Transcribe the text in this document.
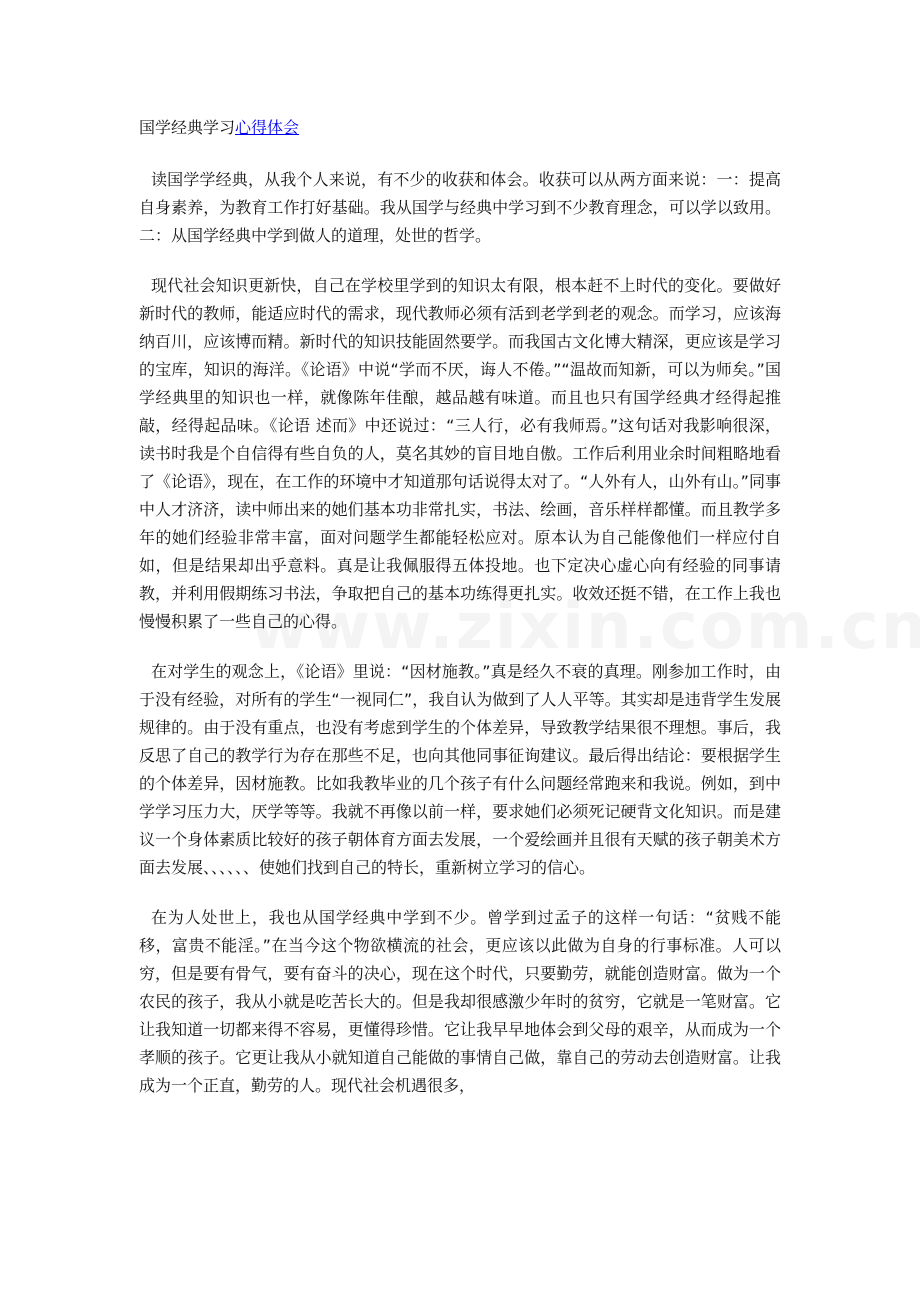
国学经典学习心得体会

读国学学经典，从我个人来说，有不少的收获和体会。收获可以从两方面来说：一：提高自身素养，为教育工作打好基础。我从国学与经典中学习到不少教育理念，可以学以致用。二：从国学经典中学到做人的道理，处世的哲学。

现代社会知识更新快，自己在学校里学到的知识太有限，根本赶不上时代的变化。要做好新时代的教师，能适应时代的需求，现代教师必须有活到老学到老的观念。而学习，应该海纳百川，应该博而精。新时代的知识技能固然要学。而我国古文化博大精深，更应该是学习的宝库，知识的海洋。《论语》中说“学而不厌，诲人不倦。”“温故而知新，可以为师矣。”国学经典里的知识也一样，就像陈年佳酿，越品越有味道。而且也只有国学经典才经得起推敲，经得起品味。《论语 述而》中还说过：“三人行，必有我师焉。”这句话对我影响很深，读书时我是个自信得有些自负的人，莫名其妙的盲目地自傲。工作后利用业余时间粗略地看了《论语》，现在，在工作的环境中才知道那句话说得太对了。“人外有人，山外有山。”同事中人才济济，读中师出来的她们基本功非常扎实，书法、绘画，音乐样样都懂。而且教学多年的她们经验非常丰富，面对问题学生都能轻松应对。原本认为自己能像他们一样应付自如，但是结果却出乎意料。真是让我佩服得五体投地。也下定决心虚心向有经验的同事请教，并利用假期练习书法，争取把自己的基本功练得更扎实。收效还挺不错，在工作上我也慢慢积累了一些自己的心得。

在对学生的观念上，《论语》里说：“因材施教。”真是经久不衰的真理。刚参加工作时，由于没有经验，对所有的学生“一视同仁”，我自认为做到了人人平等。其实却是违背学生发展规律的。由于没有重点，也没有考虑到学生的个体差异，导致教学结果很不理想。事后，我反思了自己的教学行为存在那些不足，也向其他同事征询建议。最后得出结论：要根据学生的个体差异，因材施教。比如我教毕业的几个孩子有什么问题经常跑来和我说。例如，到中学学习压力大，厌学等等。我就不再像以前一样，要求她们必须死记硬背文化知识。而是建议一个身体素质比较好的孩子朝体育方面去发展，一个爱绘画并且很有天赋的孩子朝美术方面去发展、、、、、、使她们找到自己的特长，重新树立学习的信心。

在为人处世上，我也从国学经典中学到不少。曾学到过孟子的这样一句话：“贫贱不能移，富贵不能淫。”在当今这个物欲横流的社会，更应该以此做为自身的行事标准。人可以穷，但是要有骨气，要有奋斗的决心，现在这个时代，只要勤劳，就能创造财富。做为一个农民的孩子，我从小就是吃苦长大的。但是我却很感激少年时的贫穷，它就是一笔财富。它让我知道一切都来得不容易，更懂得珍惜。它让我早早地体会到父母的艰辛，从而成为一个孝顺的孩子。它更让我从小就知道自己能做的事情自己做，靠自己的劳动去创造财富。让我成为一个正直，勤劳的人。现代社会机遇很多，
